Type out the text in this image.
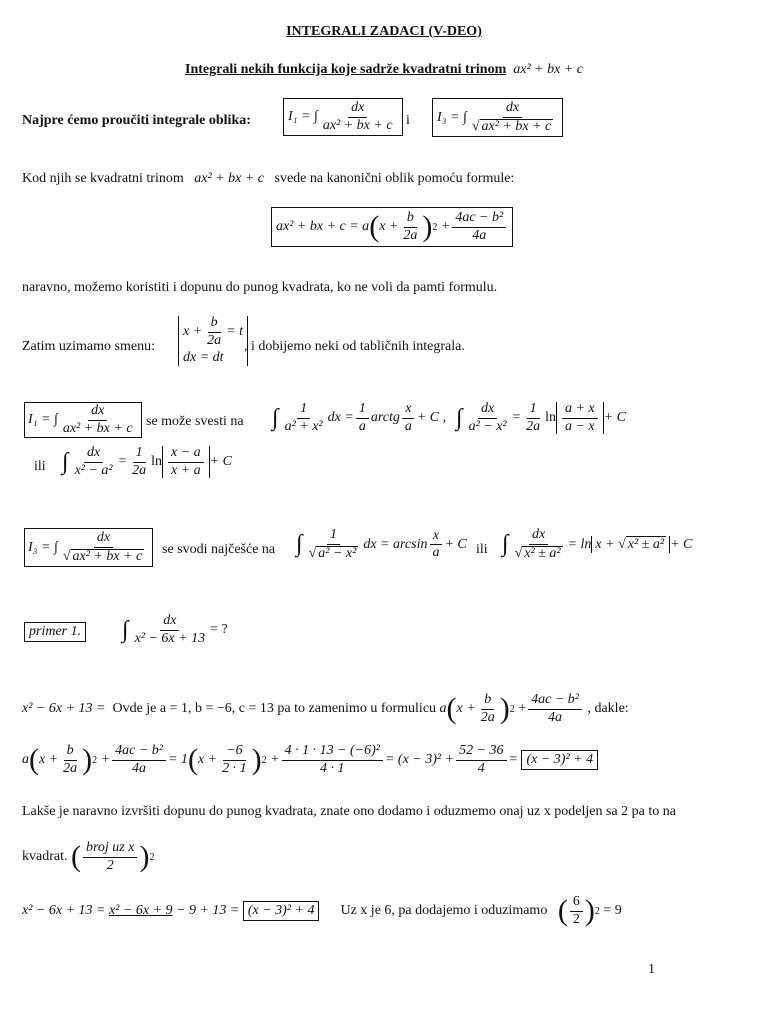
INTEGRALI ZADACI (V-DEO)
Integrali nekih funkcija koje sadrže kvadratni trinom ax² + bx + c
Najpre ćemo proučiti integrale oblika:	I₁ = ∫ $\frac{dx}{\text{ax² + bx + c}}$ i I₃ = ∫ $\frac{dx}{\text{√ ax² + bx + c}}$
Kod njih se kvadratni trinom ax² + bx + c svede na kanonični oblik pomoću formule:
ax² + bx + c = a ( $x + \frac{b}{2a}$ ) $2 + \frac{\text{4ac − b²}}{4a}$
naravno, možemo koristiti i dopunu do punog kvadrata, ko ne voli da pamti formulu.
Zatim uzimamo smenu:
$x + \frac{b}{2a} = t$
dx = dt
, i dobijemo neki od tabličnih integrala.
I₁ = ∫ $\frac{dx}{\text{ax² + bx + c}}$ se može svesti na ∫ $\frac{1}{\text{a² + x²}}$ dx = $\frac{1}{a}$ arctg $\frac{x}{a} + C$ , ∫ $\frac{dx}{\text{a² − x²}} = \frac{1}{2a}$ $\ln \frac{a + x}{a - x} + C$
ili ∫ $\frac{dx}{\text{x² − a²}} = \frac{1}{2a}$ $\ln \frac{x - a}{x + a} + C$
I₃ = ∫ $\frac{dx}{\text{√ ax² + bx + c}}$ se svodi najčešće na ∫ $\frac{1}{\text{√ a² − x²}}$ dx = $\arcsin \frac{x}{a} + C$ ili ∫ $\frac{dx}{\text{√ x² ± a²}} = \ln x$ + √ x² ± a² + C
primer 1. ∫ $\frac{dx}{\text{x² − 6x + 13}}$ = ?
x² − 6x + 13 =
Ovde je a = 1, b = −6, c = 13 pa to zamenimo u formulicu
a ( $x + \frac{b}{2a}$ ) $2 + \frac{\text{4ac − b²}}{4a}$
, dakle:
a ( $x + \frac{b}{2a}$ ) $2 + \frac{\text{4ac − b²}}{4a} = 1$ ( $x + \frac{-6}{2 \cdot 1}$ ) $2 + \frac{\text{4 · 1 · 13 − (−6)²}}{4 \cdot 1} = (x - 3)^2 + \frac{52 - 36}{4}$ =
(x − 3)² + 4
Lakše je naravno izvršiti dopunu do punog kvadrata, znate ono dodamo i oduzmemo onaj uz x podeljen sa 2 pa to na
kvadrat.
( $\frac{\text{broj uz x}}{2}$ ) 2
x² − 6x + 13 =
x² − 6x + 9
− 9 + 13 =
(x − 3)² + 4
	Uz x je 6, pa dodajemo i oduzimamo
( $\frac{6}{2}$ ) 2
= 9
1
